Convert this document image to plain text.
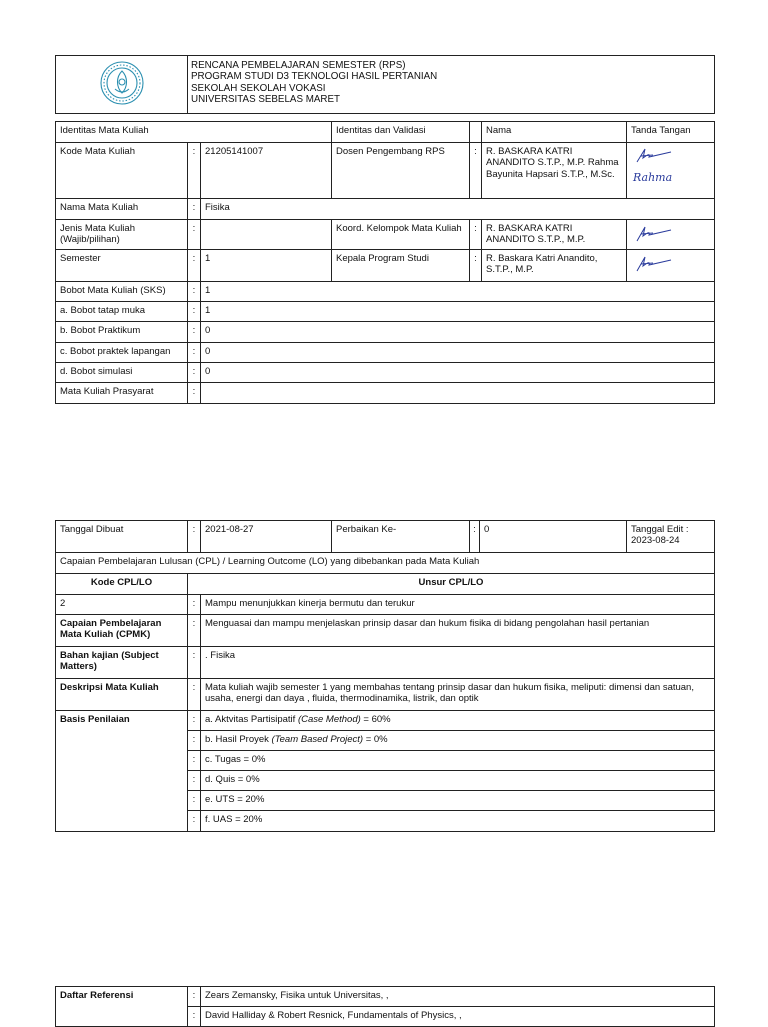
RENCANA PEMBELAJARAN SEMESTER (RPS)
PROGRAM STUDI D3 TEKNOLOGI HASIL PERTANIAN
SEKOLAH SEKOLAH VOKASI
UNIVERSITAS SEBELAS MARET
Identitas Mata Kuliah			Identitas dan Validasi		Nama	Tanda Tangan
Kode Mata Kuliah	:	21205141007	Dosen Pengembang RPS	:	R. BASKARA KATRI ANANDITO S.T.P., M.P. Rahma Bayunita Hapsari S.T.P., M.Sc.	Rahma

Nama Mata Kuliah	:	Fisika				
Jenis Mata Kuliah (Wajib/pilihan)	:		Koord. Kelompok Mata Kuliah	:	R. BASKARA KATRI ANANDITO S.T.P., M.P.	

Semester	:	1	Kepala Program Studi	:	R. Baskara Katri Anandito, S.T.P., M.P.	

Bobot Mata Kuliah (SKS)	:	1				
a. Bobot tatap muka	:	1				
b. Bobot Praktikum	:	0				
c. Bobot praktek lapangan	:	0				
d. Bobot simulasi	:	0				
Mata Kuliah Prasyarat	:					
Tanggal Dibuat	:	2021-08-27	Perbaikan Ke-	:	0	Tanggal Edit :
2023-08-24

Capaian Pembelajaran Lulusan (CPL) / Learning Outcome (LO) yang dibebankan pada Mata Kuliah						
Kode CPL/LO	Unsur CPL/LO					
2	:	Mampu menunjukkan kinerja bermutu dan terukur				
Capaian Pembelajaran Mata Kuliah (CPMK)	:	Menguasai dan mampu menjelaskan prinsip dasar dan hukum fisika di bidang pengolahan hasil pertanian				
Bahan kajian (Subject Matters)	:	. Fisika				
Deskripsi Mata Kuliah	:	Mata kuliah wajib semester 1 yang membahas tentang prinsip dasar dan hukum fisika, meliputi: dimensi dan satuan, usaha, energi dan daya , fluida, thermodinamika, listrik, dan optik				
Basis Penilaian	:	a. Aktvitas Partisipatif (Case Method) = 60%				
	:	b. Hasil Proyek (Team Based Project) = 0%				
	:	c. Tugas = 0%				
	:	d. Quis = 0%				
	:	e. UTS = 20%				
	:	f. UAS = 20%				
Daftar Referensi	:	Zears Zemansky, Fisika untuk Universitas, ,
	:	David Halliday & Robert Resnick, Fundamentals of Physics, ,
